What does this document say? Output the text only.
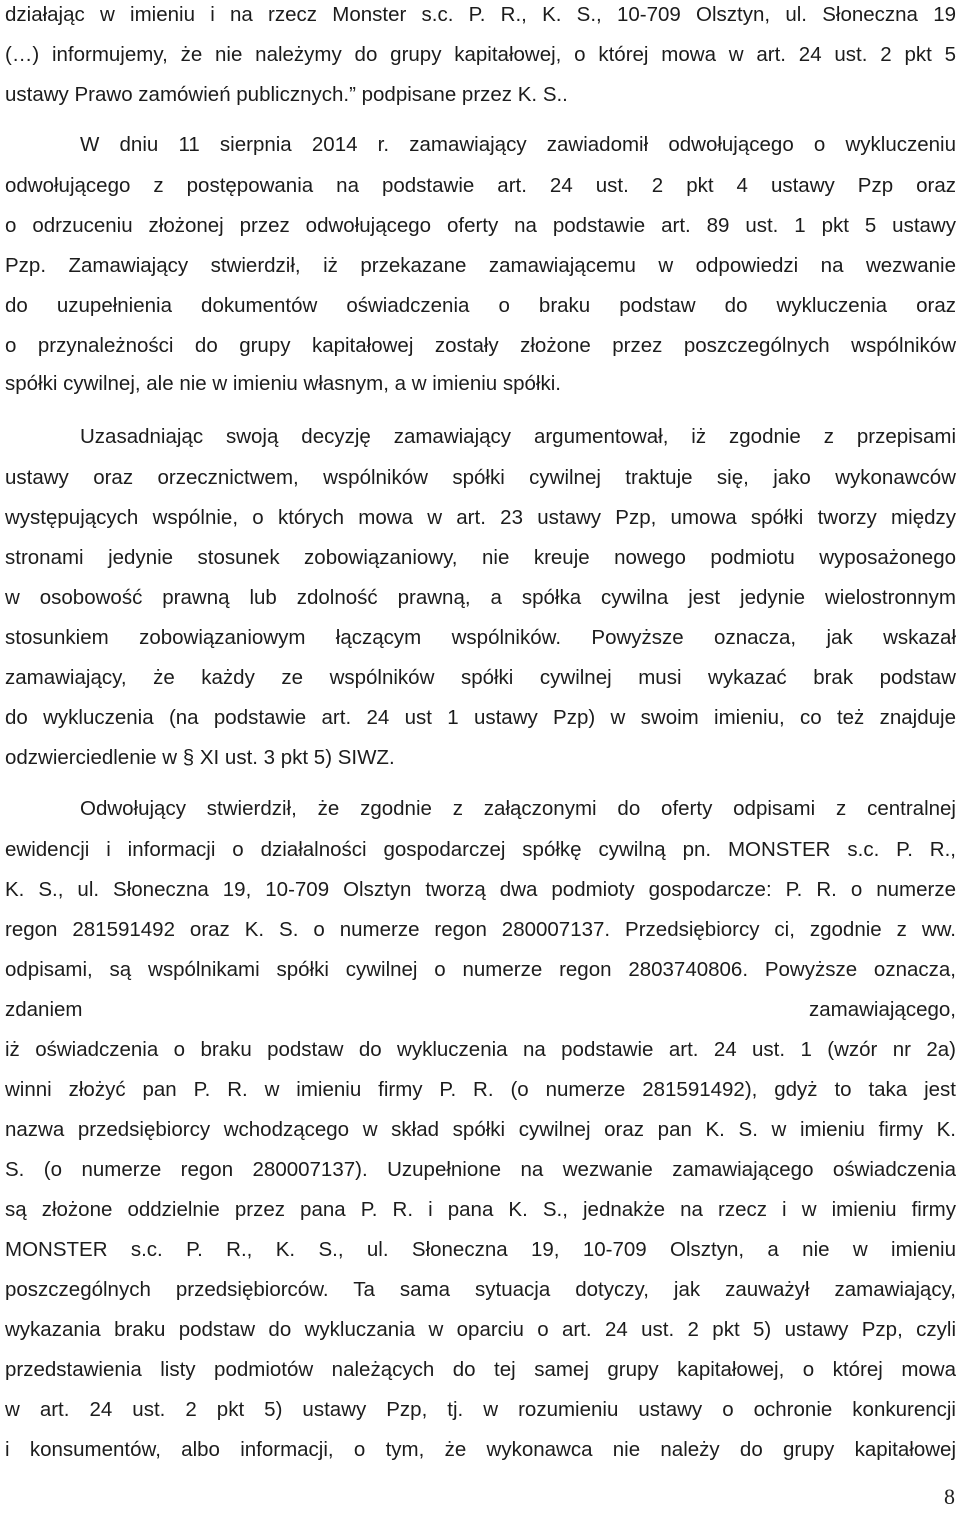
działając w imieniu i na rzecz Monster s.c. P. R., K. S., 10-709 Olsztyn, ul. Słoneczna 19
(…) informujemy, że nie należymy do grupy kapitałowej, o której mowa w art. 24 ust. 2 pkt 5
ustawy Prawo zamówień publicznych.” podpisane przez K. S..
W dniu 11 sierpnia 2014 r. zamawiający zawiadomił odwołującego o wykluczeniu
odwołującego z postępowania na podstawie art. 24 ust. 2 pkt 4 ustawy Pzp oraz
o odrzuceniu złożonej przez odwołującego oferty na podstawie art. 89 ust. 1 pkt 5 ustawy
Pzp. Zamawiający stwierdził, iż przekazane zamawiającemu w odpowiedzi na wezwanie
do uzupełnienia dokumentów oświadczenia o braku podstaw do wykluczenia oraz
o przynależności do grupy kapitałowej zostały złożone przez poszczególnych wspólników
spółki cywilnej, ale nie w imieniu własnym, a w imieniu spółki.
Uzasadniając swoją decyzję zamawiający argumentował, iż zgodnie z przepisami
ustawy oraz orzecznictwem, wspólników spółki cywilnej traktuje się, jako wykonawców
występujących wspólnie, o których mowa w art. 23 ustawy Pzp, umowa spółki tworzy między
stronami jedynie stosunek zobowiązaniowy, nie kreuje nowego podmiotu wyposażonego
w osobowość prawną lub zdolność prawną, a spółka cywilna jest jedynie wielostronnym
stosunkiem zobowiązaniowym łączącym wspólników. Powyższe oznacza, jak wskazał
zamawiający, że każdy ze wspólników spółki cywilnej musi wykazać brak podstaw
do wykluczenia (na podstawie art. 24 ust 1 ustawy Pzp) w swoim imieniu, co też znajduje
odzwierciedlenie w § XI ust. 3 pkt 5) SIWZ.
Odwołujący stwierdził, że zgodnie z załączonymi do oferty odpisami z centralnej
ewidencji i informacji o działalności gospodarczej spółkę cywilną pn. MONSTER s.c. P. R.,
K. S., ul. Słoneczna 19, 10-709 Olsztyn tworzą dwa podmioty gospodarcze: P. R. o numerze
regon 281591492 oraz K. S. o numerze regon 280007137. Przedsiębiorcy ci, zgodnie z ww.
odpisami, są wspólnikami spółki cywilnej o numerze regon 2803740806. Powyższe oznacza,
zdaniem zamawiającego,
iż oświadczenia o braku podstaw do wykluczenia na podstawie art. 24 ust. 1 (wzór nr 2a)
winni złożyć pan P. R. w imieniu firmy P. R. (o numerze 281591492), gdyż to taka jest
nazwa przedsiębiorcy wchodzącego w skład spółki cywilnej oraz pan K. S. w imieniu firmy K.
S. (o numerze regon 280007137). Uzupełnione na wezwanie zamawiającego oświadczenia
są złożone oddzielnie przez pana P. R. i pana K. S., jednakże na rzecz i w imieniu firmy
MONSTER s.c. P. R., K. S., ul. Słoneczna 19, 10-709 Olsztyn, a nie w imieniu
poszczególnych przedsiębiorców. Ta sama sytuacja dotyczy, jak zauważył zamawiający,
wykazania braku podstaw do wykluczania w oparciu o art. 24 ust. 2 pkt 5) ustawy Pzp, czyli
przedstawienia listy podmiotów należących do tej samej grupy kapitałowej, o której mowa
w art. 24 ust. 2 pkt 5) ustawy Pzp, tj. w rozumieniu ustawy o ochronie konkurencji
i konsumentów, albo informacji, o tym, że wykonawca nie należy do grupy kapitałowej
8
